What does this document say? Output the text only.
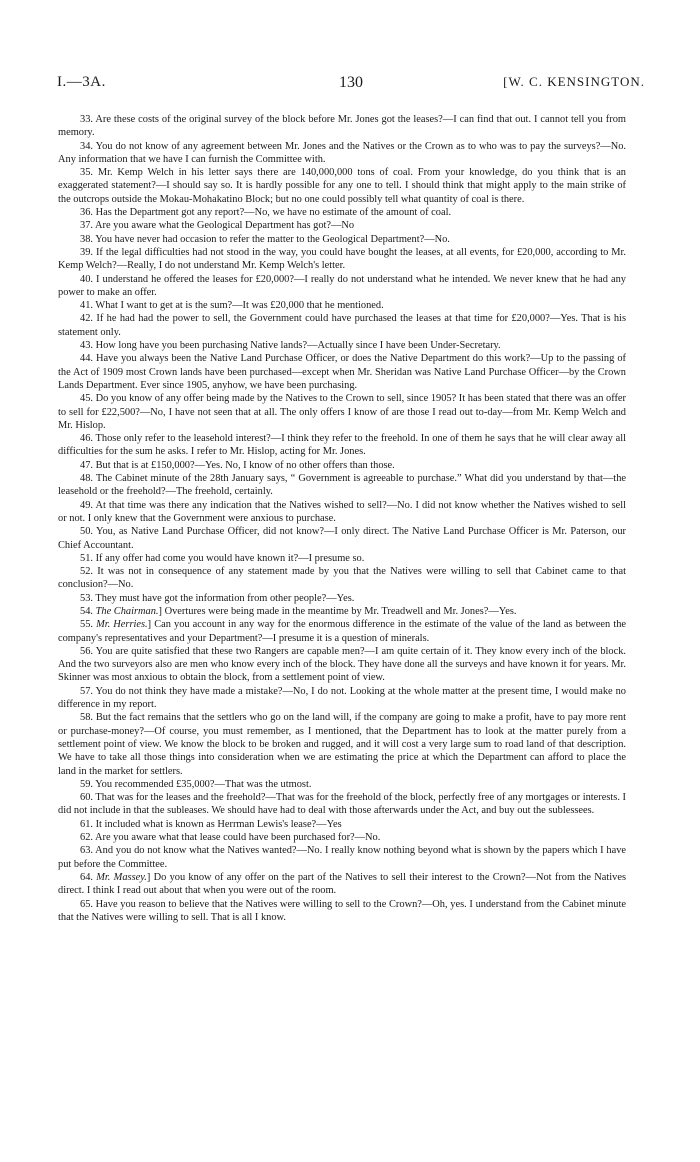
I.—3A.	130	[W. C. KENSINGTON.

33. Are these costs of the original survey of the block before Mr. Jones got the leases?—I can find that out. I cannot tell you from memory.

34. You do not know of any agreement between Mr. Jones and the Natives or the Crown as to who was to pay the surveys?—No. Any information that we have I can furnish the Committee with.

35. Mr. Kemp Welch in his letter says there are 140,000,000 tons of coal. From your knowledge, do you think that is an exaggerated statement?—I should say so. It is hardly possible for any one to tell. I should think that might apply to the main strike of the outcrops outside the Mokau-Mohakatino Block; but no one could possibly tell what quantity of coal is there.

36. Has the Department got any report?—No, we have no estimate of the amount of coal.

37. Are you aware what the Geological Department has got?—No

38. You have never had occasion to refer the matter to the Geological Department?—No.

39. If the legal difficulties had not stood in the way, you could have bought the leases, at all events, for £20,000, according to Mr. Kemp Welch?—Really, I do not understand Mr. Kemp Welch's letter.

40. I understand he offered the leases for £20,000?—I really do not understand what he intended. We never knew that he had any power to make an offer.

41. What I want to get at is the sum?—It was £20,000 that he mentioned.

42. If he had had the power to sell, the Government could have purchased the leases at that time for £20,000?—Yes. That is his statement only.

43. How long have you been purchasing Native lands?—Actually since I have been Under-Secretary.

44. Have you always been the Native Land Purchase Officer, or does the Native Department do this work?—Up to the passing of the Act of 1909 most Crown lands have been purchased—except when Mr. Sheridan was Native Land Purchase Officer—by the Crown Lands Department. Ever since 1905, anyhow, we have been purchasing.

45. Do you know of any offer being made by the Natives to the Crown to sell, since 1905? It has been stated that there was an offer to sell for £22,500?—No, I have not seen that at all. The only offers I know of are those I read out to-day—from Mr. Kemp Welch and Mr. Hislop.

46. Those only refer to the leasehold interest?—I think they refer to the freehold. In one of them he says that he will clear away all difficulties for the sum he asks. I refer to Mr. Hislop, acting for Mr. Jones.

47. But that is at £150,000?—Yes. No, I know of no other offers than those.

48. The Cabinet minute of the 28th January says, “ Government is agreeable to purchase.” What did you understand by that—the leasehold or the freehold?—The freehold, certainly.

49. At that time was there any indication that the Natives wished to sell?—No. I did not know whether the Natives wished to sell or not. I only knew that the Government were anxious to purchase.

50. You, as Native Land Purchase Officer, did not know?—I only direct. The Native Land Purchase Officer is Mr. Paterson, our Chief Accountant.

51. If any offer had come you would have known it?—I presume so.

52. It was not in consequence of any statement made by you that the Natives were willing to sell that Cabinet came to that conclusion?—No.

53. They must have got the information from other people?—Yes.

54. The Chairman.] Overtures were being made in the meantime by Mr. Treadwell and Mr. Jones?—Yes.

55. Mr. Herries.] Can you account in any way for the enormous difference in the estimate of the value of the land as between the company's representatives and your Department?—I presume it is a question of minerals.

56. You are quite satisfied that these two Rangers are capable men?—I am quite certain of it. They know every inch of the block. And the two surveyors also are men who know every inch of the block. They have done all the surveys and have known it for years. Mr. Skinner was most anxious to obtain the block, from a settlement point of view.

57. You do not think they have made a mistake?—No, I do not. Looking at the whole matter at the present time, I would make no difference in my report.

58. But the fact remains that the settlers who go on the land will, if the company are going to make a profit, have to pay more rent or purchase-money?—Of course, you must remember, as I mentioned, that the Department has to look at the matter purely from a settlement point of view. We know the block to be broken and rugged, and it will cost a very large sum to road land of that description. We have to take all those things into consideration when we are estimating the price at which the Department can afford to place the land in the market for settlers.

59. You recommended £35,000?—That was the utmost.

60. That was for the leases and the freehold?—That was for the freehold of the block, perfectly free of any mortgages or interests. I did not include in that the subleases. We should have had to deal with those afterwards under the Act, and buy out the sublessees.

61. It included what is known as Herrman Lewis's lease?—Yes

62. Are you aware what that lease could have been purchased for?—No.

63. And you do not know what the Natives wanted?—No. I really know nothing beyond what is shown by the papers which I have put before the Committee.

64. Mr. Massey.] Do you know of any offer on the part of the Natives to sell their interest to the Crown?—Not from the Natives direct. I think I read out about that when you were out of the room.

65. Have you reason to believe that the Natives were willing to sell to the Crown?—Oh, yes. I understand from the Cabinet minute that the Natives were willing to sell. That is all I know.
